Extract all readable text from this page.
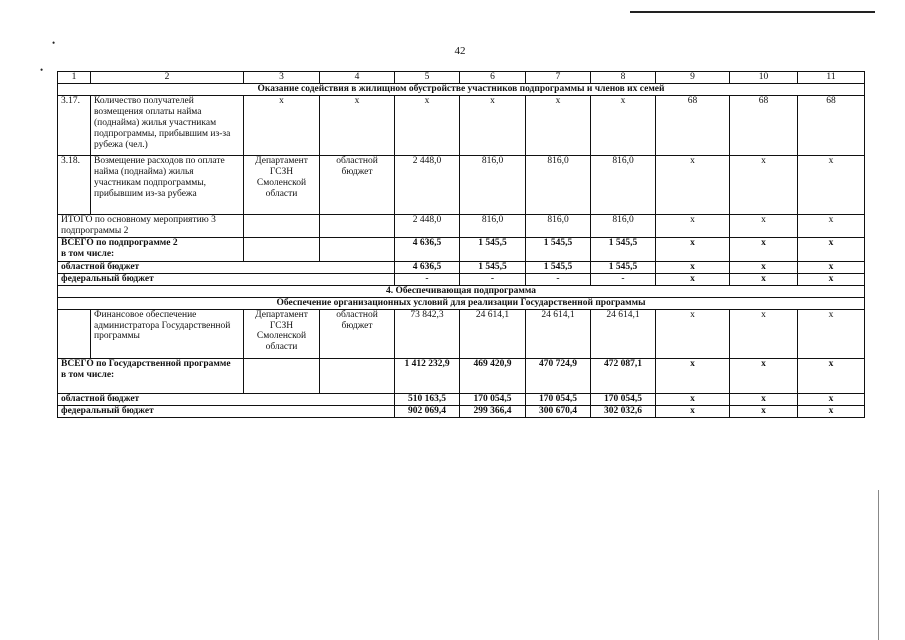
•
•
42
1	2	3	4	5	6	7	8	9	10	11
Оказание содействия в жилищном обустройстве участников подпрограммы и членов их семей										
3.17.	Количество получателей возмещения оплаты найма (поднайма) жилья участникам подпрограммы, прибывшим из-за рубежа (чел.)	х	х	х	х	х	х	68	68	68
3.18.	Возмещение расходов по оплате найма (поднайма) жилья участникам подпрограммы, прибывшим из-за рубежа	Департамент ГСЗН Смоленской области	областной бюджет	2 448,0	816,0	816,0	816,0	х	х	х
ИТОГО по основному мероприятию 3 подпрограммы 2				2 448,0	816,0	816,0	816,0	х	х	х
ВСЕГО по подпрограмме 2
в том числе:				4 636,5	1 545,5	1 545,5	1 545,5	х	х	х
областной бюджет				4 636,5	1 545,5	1 545,5	1 545,5	х	х	х
федеральный бюджет				-	-	-	-	х	х	х
4. Обеспечивающая подпрограмма										
Обеспечение организационных условий для реализации Государственной программы										
	Финансовое обеспечение администратора Государственной программы	Департамент ГСЗН Смоленской области	областной бюджет	73 842,3	24 614,1	24 614,1	24 614,1	х	х	х
ВСЕГО по Государственной программе
в том числе:				1 412 232,9	469 420,9	470 724,9	472 087,1	х	х	х
областной бюджет				510 163,5	170 054,5	170 054,5	170 054,5	х	х	х
федеральный бюджет				902 069,4	299 366,4	300 670,4	302 032,6	х	х	х
